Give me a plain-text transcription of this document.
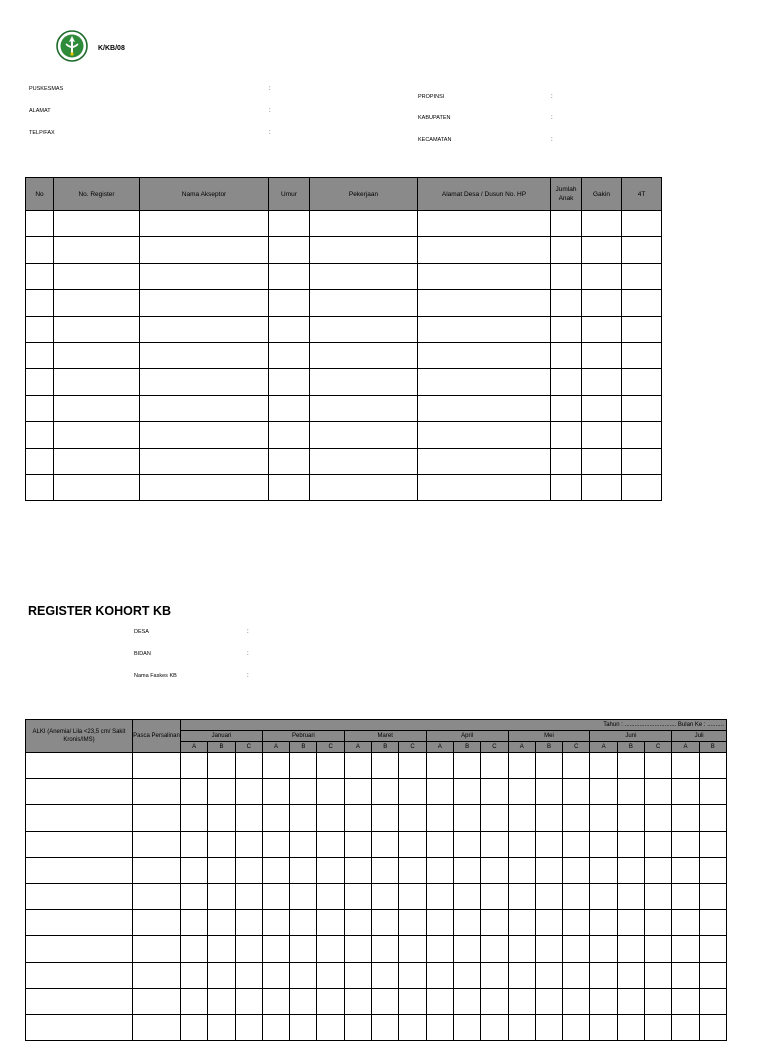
K/KB/08
PUSKESMAS	:
ALAMAT	:
TELP/FAX	:
PROPINSI	:
KABUPATEN	:
KECAMATAN	:
No	No. Register	Nama Akseptor	Umur	Pekerjaan	Alamat Desa / Dusun No. HP	Jumlah Anak	Gakin	4T

REGISTER KOHORT KB
DESA	:
BIDAN	:
Nama Faskes KB	:
ALKI (Anemia/ Lila <23,5 cm/ Sakit Kronis/IMS)	Pasca Persalinan	Tahun : ............................... Bulan Ke : ..........																			
		Januari			Pebruari			Maret			April			Mei			Juni			Juli	
		A	B	C	A	B	C	A	B	C	A	B	C	A	B	C	A	B	C	A	B
